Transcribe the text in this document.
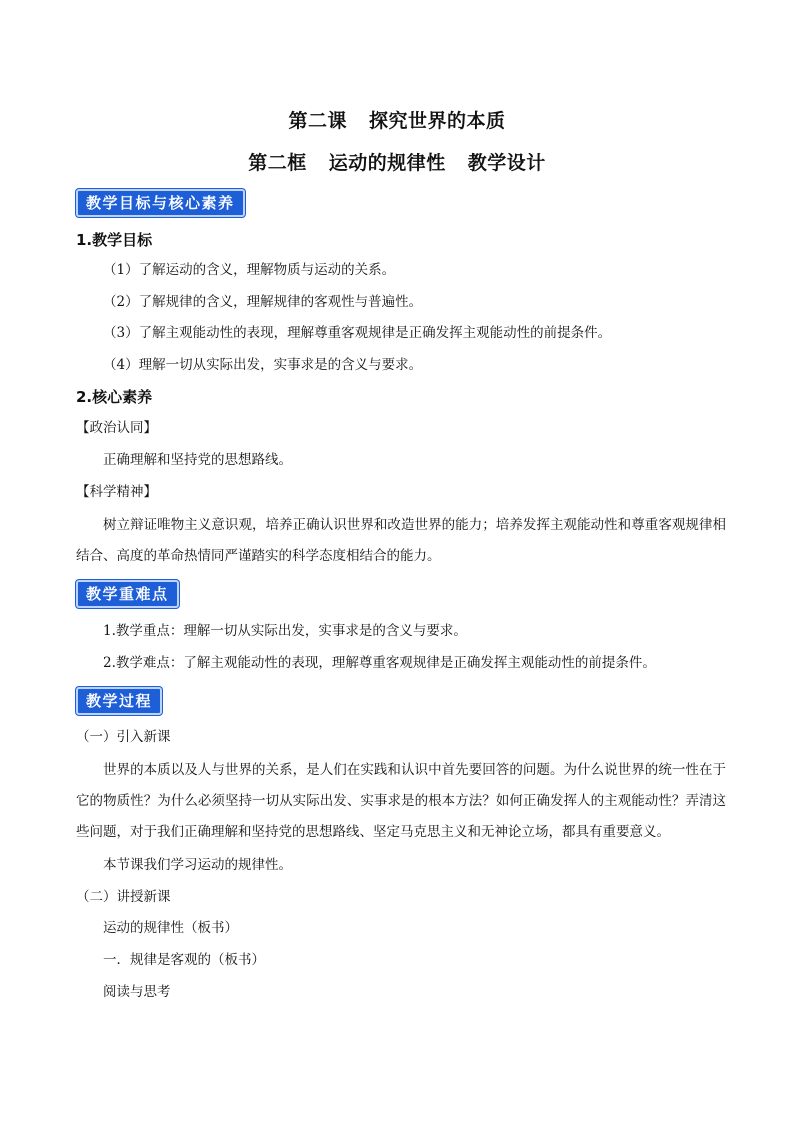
第二课 探究世界的本质
第二框 运动的规律性 教学设计
教学目标与核心素养
1.教学目标
（1）了解运动的含义，理解物质与运动的关系。
（2）了解规律的含义，理解规律的客观性与普遍性。
（3）了解主观能动性的表现，理解尊重客观规律是正确发挥主观能动性的前提条件。
（4）理解一切从实际出发，实事求是的含义与要求。
2.核心素养
【政治认同】
正确理解和坚持党的思想路线。
【科学精神】
树立辩证唯物主义意识观，培养正确认识世界和改造世界的能力；培养发挥主观能动性和尊重客观规律相结合、高度的革命热情同严谨踏实的科学态度相结合的能力。
教学重难点
1.教学重点：理解一切从实际出发，实事求是的含义与要求。
2.教学难点：了解主观能动性的表现，理解尊重客观规律是正确发挥主观能动性的前提条件。
教学过程
（一）引入新课
世界的本质以及人与世界的关系，是人们在实践和认识中首先要回答的问题。为什么说世界的统一性在于它的物质性？为什么必须坚持一切从实际出发、实事求是的根本方法？如何正确发挥人的主观能动性？弄清这些问题，对于我们正确理解和坚持党的思想路线、坚定马克思主义和无神论立场，都具有重要意义。
本节课我们学习运动的规律性。
（二）讲授新课
运动的规律性（板书）
一．规律是客观的（板书）
阅读与思考
